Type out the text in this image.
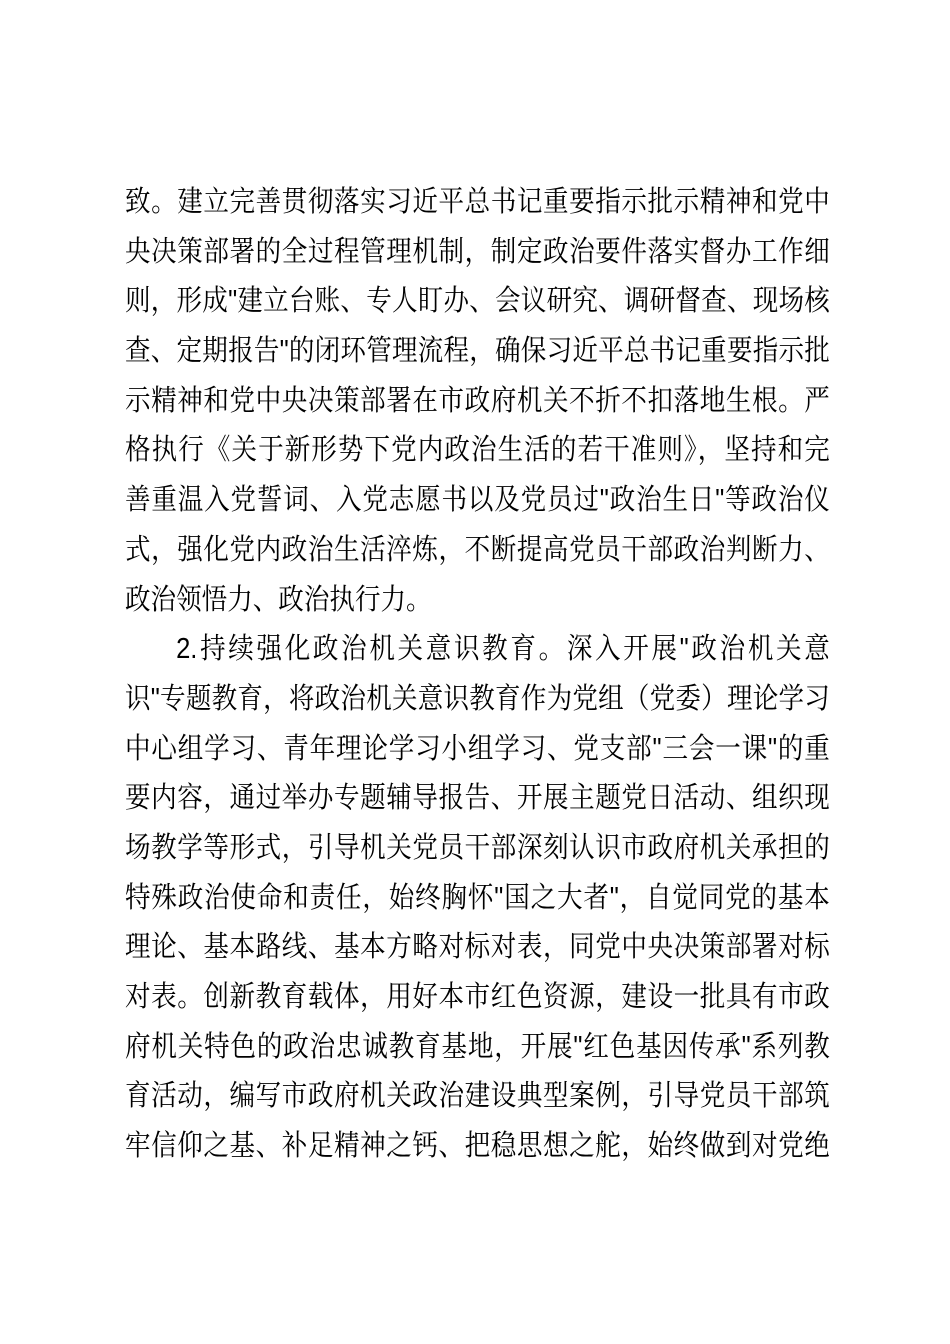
致。建立完善贯彻落实习近平总书记重要指示批示精神和党中
央决策部署的全过程管理机制，制定政治要件落实督办工作细
则，形成"建立台账、专人盯办、会议研究、调研督查、现场核
查、定期报告"的闭环管理流程，确保习近平总书记重要指示批
示精神和党中央决策部署在市政府机关不折不扣落地生根。严
格执行《关于新形势下党内政治生活的若干准则》，坚持和完
善重温入党誓词、入党志愿书以及党员过"政治生日"等政治仪
式，强化党内政治生活淬炼，不断提高党员干部政治判断力、
政治领悟力、政治执行力。
2.持续强化政治机关意识教育。深入开展"政治机关意
识"专题教育，将政治机关意识教育作为党组（党委）理论学习
中心组学习、青年理论学习小组学习、党支部"三会一课"的重
要内容，通过举办专题辅导报告、开展主题党日活动、组织现
场教学等形式，引导机关党员干部深刻认识市政府机关承担的
特殊政治使命和责任，始终胸怀"国之大者"，自觉同党的基本
理论、基本路线、基本方略对标对表，同党中央决策部署对标
对表。创新教育载体，用好本市红色资源，建设一批具有市政
府机关特色的政治忠诚教育基地，开展"红色基因传承"系列教
育活动，编写市政府机关政治建设典型案例，引导党员干部筑
牢信仰之基、补足精神之钙、把稳思想之舵，始终做到对党绝
